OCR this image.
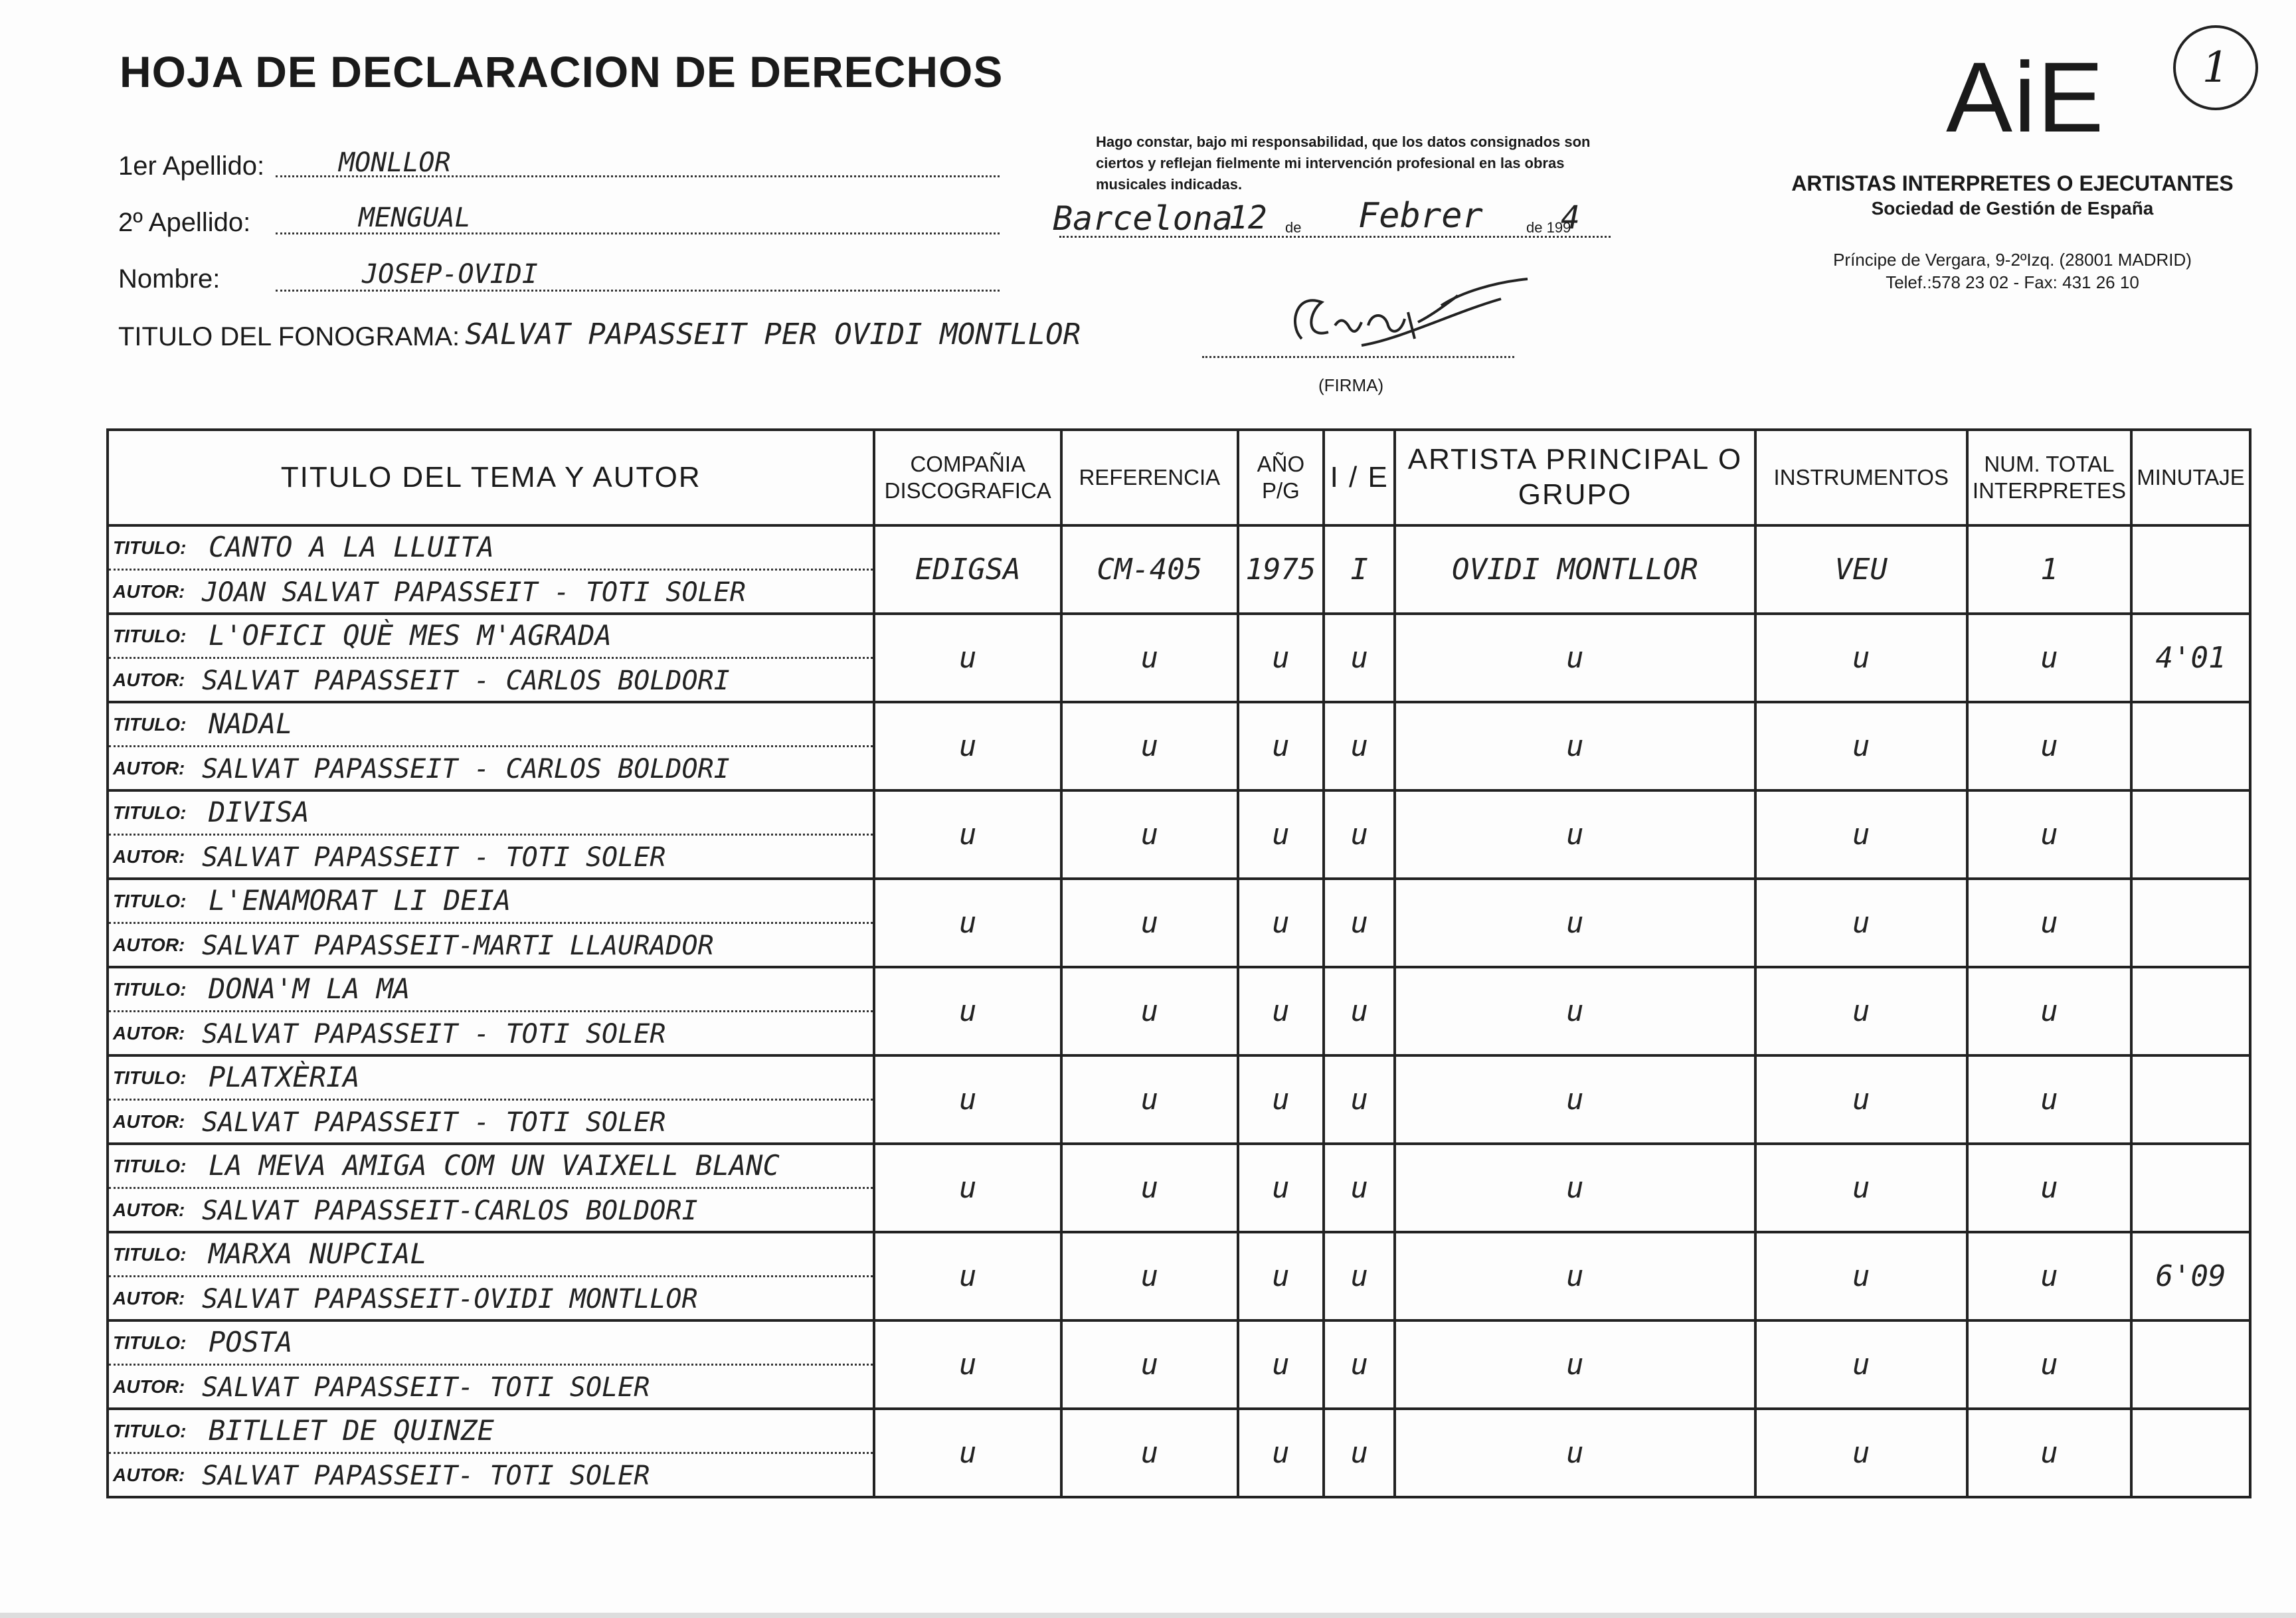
HOJA DE DECLARACION DE DERECHOS
1er Apellido:	MONLLOR
2º Apellido:	MENGUAL
Nombre:	JOSEP-OVIDI
TITULO DEL FONOGRAMA: SALVAT PAPASSEIT PER OVIDI MONTLLOR
Hago constar, bajo mi responsabilidad, que los datos consignados son ciertos y reflejan fielmente mi intervención profesional en las obras musicales indicadas.
Barcelona
12 de Febrer	de 199
4
(FIRMA)
AiE
ARTISTAS INTERPRETES O EJECUTANTES
Sociedad de Gestión de España
Príncipe de Vergara, 9-2ºIzq. (28001 MADRID)
Telef.:578 23 02 - Fax: 431 26 10
1
TITULO DEL TEMA Y AUTOR	COMPAÑIA DISCOGRAFICA	REFERENCIA	AÑO P/G	I / E	ARTISTA PRINCIPAL O GRUPO	INSTRUMENTOS	NUM. TOTAL INTERPRETES	MINUTAJE

TITULO: CANTO A LA LLUITA
AUTOR: JOAN SALVAT PAPASSEIT - TOTI SOLER	EDIGSA	CM-405	1975	I	OVIDI MONTLLOR	VEU	1	

TITULO: L'OFICI QUÈ MES M'AGRADA
AUTOR: SALVAT PAPASSEIT - CARLOS BOLDORI	u	u	u	u	u	u	u	4'01

TITULO: NADAL
AUTOR: SALVAT PAPASSEIT - CARLOS BOLDORI	u	u	u	u	u	u	u	

TITULO: DIVISA
AUTOR: SALVAT PAPASSEIT - TOTI SOLER	u	u	u	u	u	u	u	

TITULO: L'ENAMORAT LI DEIA
AUTOR: SALVAT PAPASSEIT-MARTI LLAURADOR	u	u	u	u	u	u	u	

TITULO: DONA'M LA MA
AUTOR: SALVAT PAPASSEIT - TOTI SOLER	u	u	u	u	u	u	u	

TITULO: PLATXÈRIA
AUTOR: SALVAT PAPASSEIT - TOTI SOLER	u	u	u	u	u	u	u	

TITULO: LA MEVA AMIGA COM UN VAIXELL BLANC
AUTOR: SALVAT PAPASSEIT-CARLOS BOLDORI	u	u	u	u	u	u	u	

TITULO: MARXA NUPCIAL
AUTOR: SALVAT PAPASSEIT-OVIDI MONTLLOR	u	u	u	u	u	u	u	6'09

TITULO: POSTA
AUTOR: SALVAT PAPASSEIT- TOTI SOLER	u	u	u	u	u	u	u	

TITULO: BITLLET DE QUINZE
AUTOR: SALVAT PAPASSEIT- TOTI SOLER	u	u	u	u	u	u	u	
